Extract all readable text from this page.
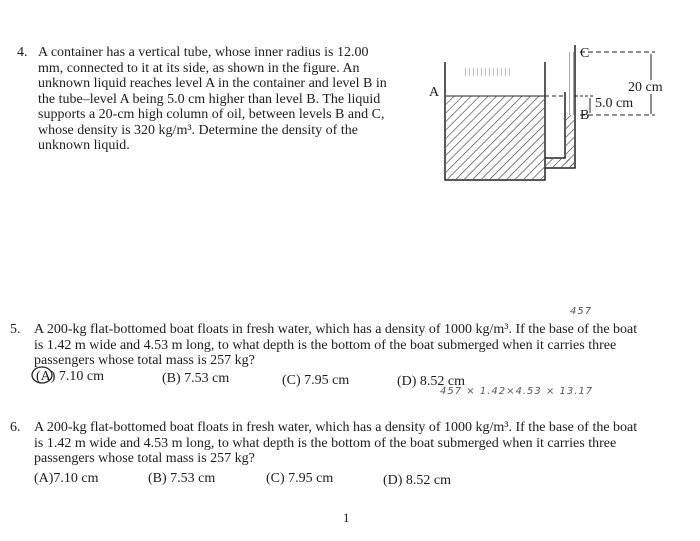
4. A container has a vertical tube, whose inner radius is 12.00
mm, connected to it at its side, as shown in the figure. An
unknown liquid reaches level A in the container and level B in
the tube–level A being 5.0 cm higher than level B. The liquid
supports a 20-cm high column of oil, between levels B and C,
whose density is 320 kg/m³. Determine the density of the
unknown liquid.
A
C
B
20 cm
5.0 cm
457
5. A 200-kg flat-bottomed boat floats in fresh water, which has a density of 1000 kg/m³. If the base of the boat
is 1.42 m wide and 4.53 m long, to what depth is the bottom of the boat submerged when it carries three
passengers whose total mass is 257 kg?
(A) 7.10 cm	(B) 7.53 cm	(C) 7.95 cm	(D) 8.52 cm
457 × 1.42×4.53 × 13.17
6. A 200-kg flat-bottomed boat floats in fresh water, which has a density of 1000 kg/m³. If the base of the boat
is 1.42 m wide and 4.53 m long, to what depth is the bottom of the boat submerged when it carries three
passengers whose total mass is 257 kg?
(A)7.10 cm	(B) 7.53 cm	(C) 7.95 cm	(D) 8.52 cm
1
